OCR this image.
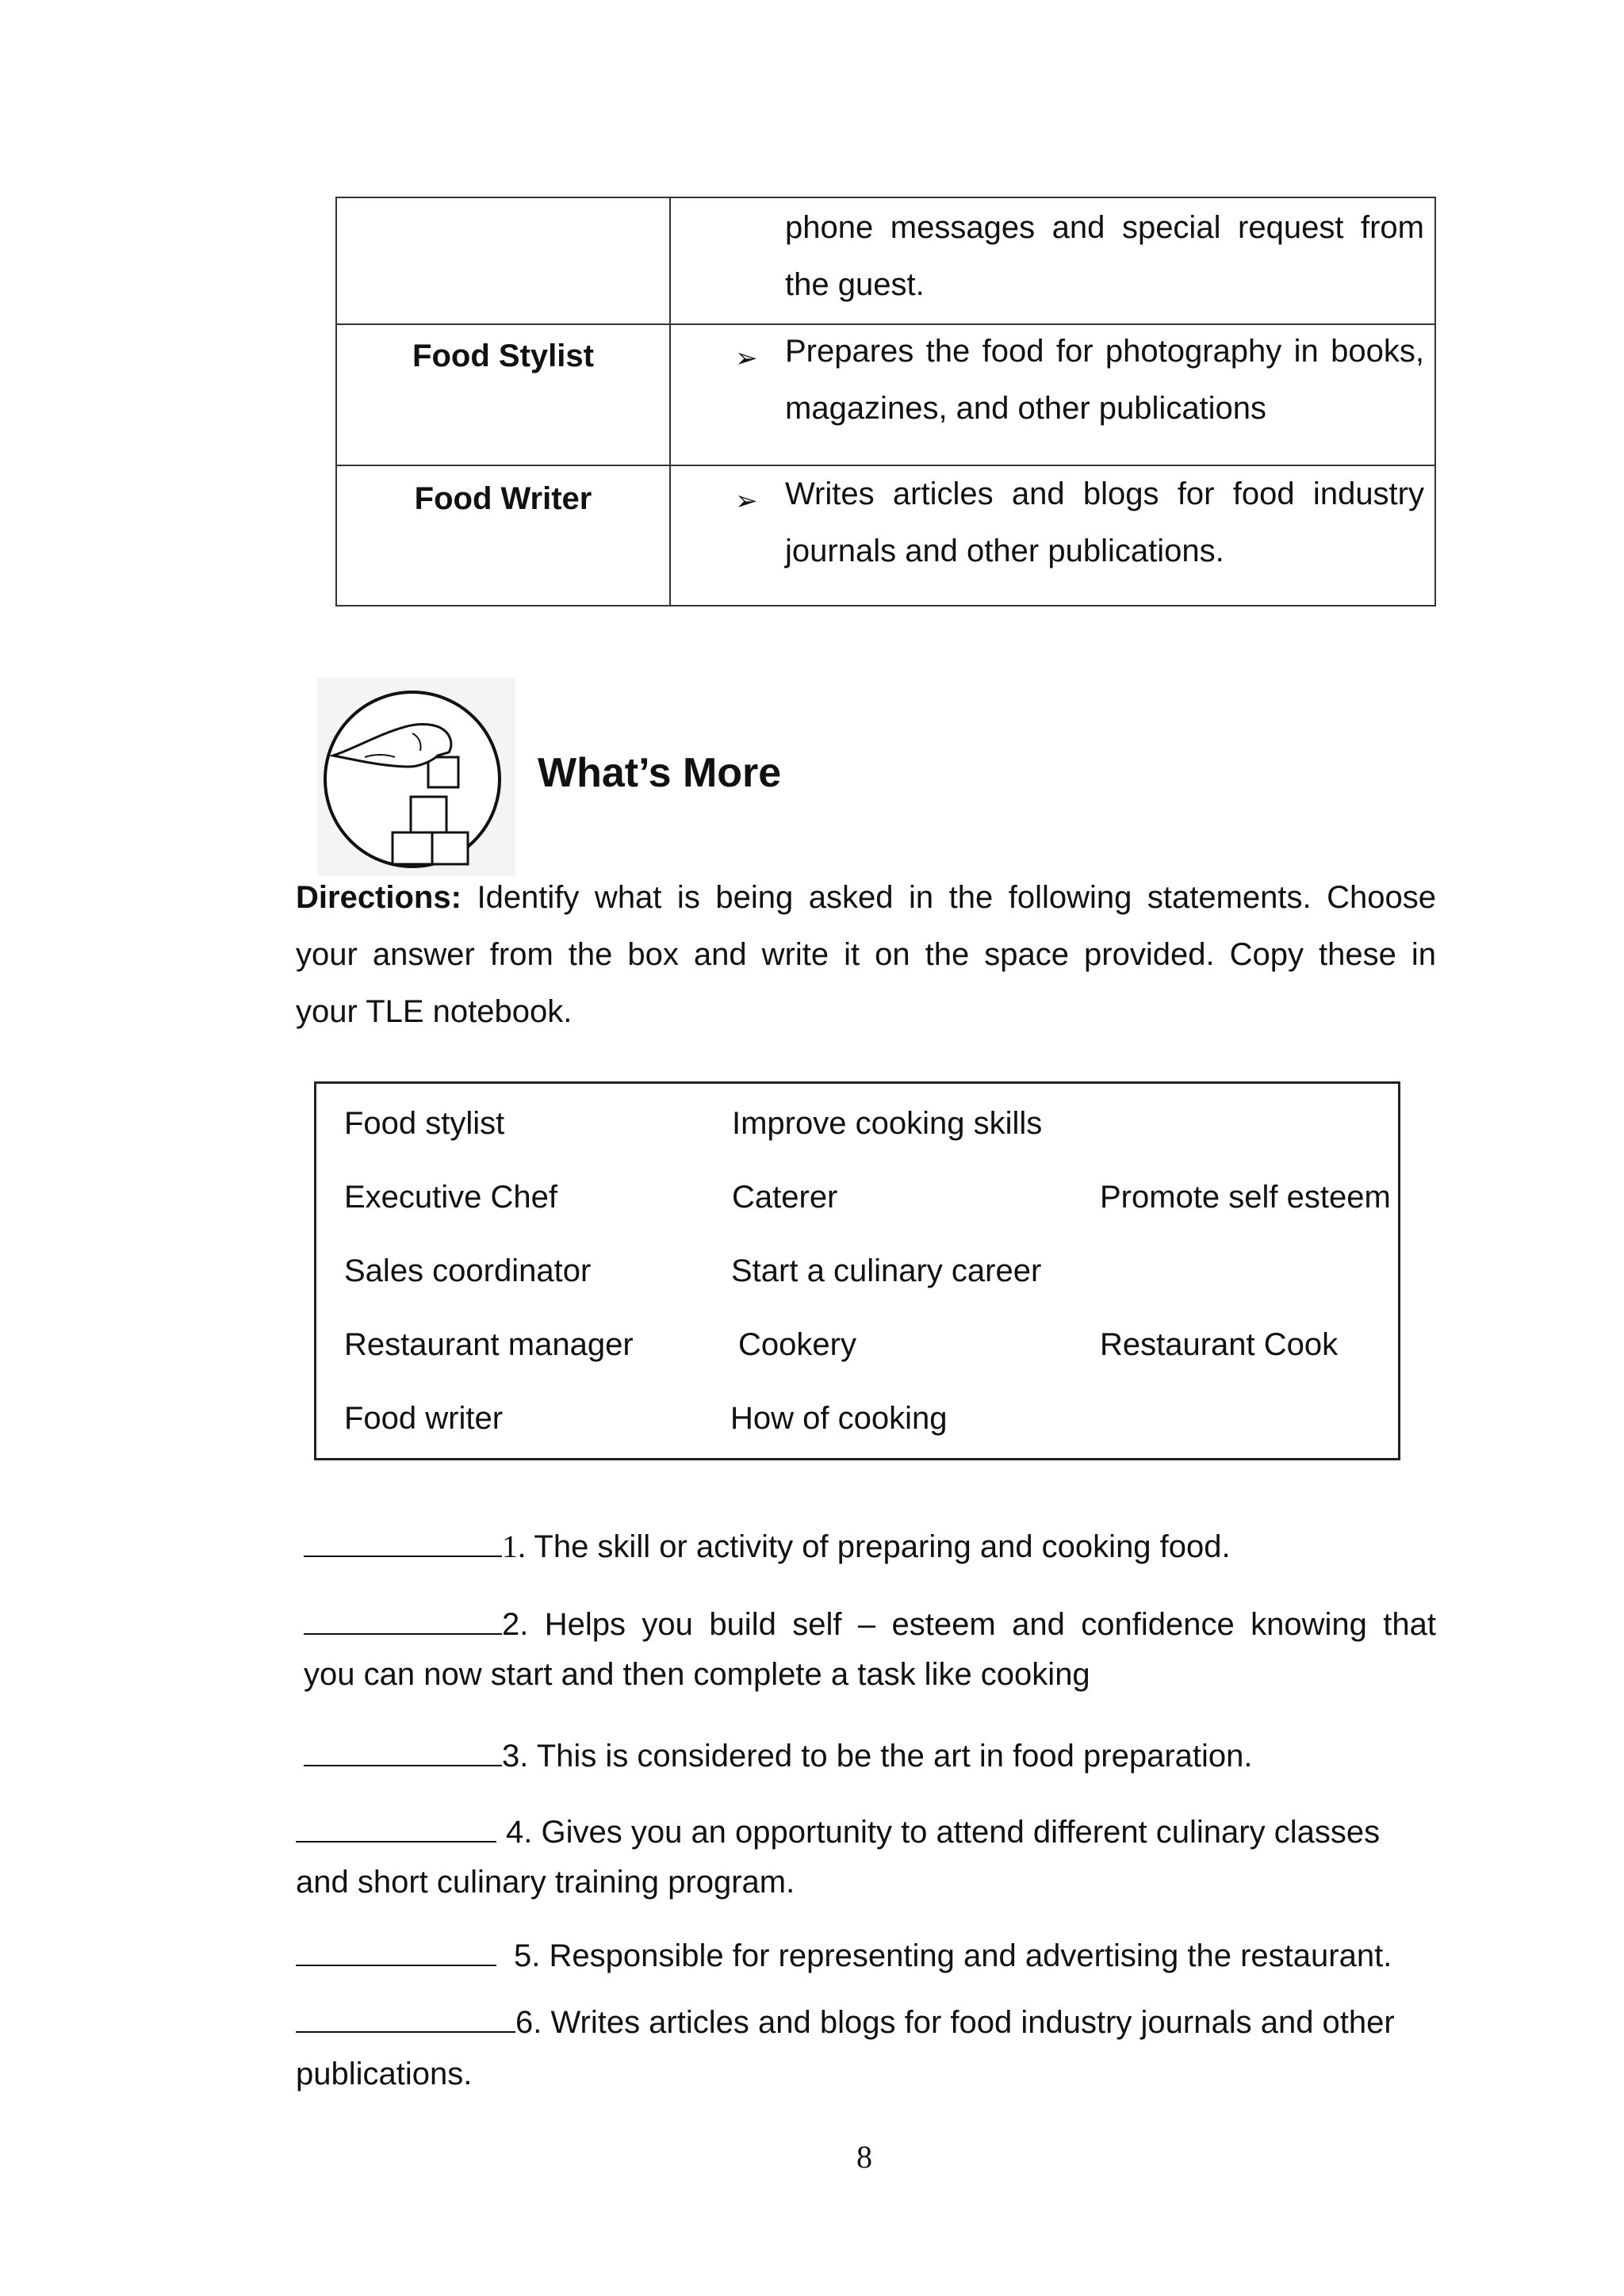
phone messages and special request from
the guest.
Food Stylist	➢ Prepares the food for photography in books,
magazines, and other publications
Food Writer	➢ Writes articles and blogs for food industry
journals and other publications.
What’s More
Directions: Identify what is being asked in the following statements. Choose
your answer from the box and write it on the space provided. Copy these in
your TLE notebook.
Food stylist
Executive Chef
Sales coordinator
Restaurant manager
Food writer
Improve cooking skills
Caterer
Start a culinary career
Cookery
How of cooking
Promote self esteem
Restaurant Cook
1. The skill or activity of preparing and cooking food.
2. Helps you build self – esteem and confidence knowing that
you can now start and then complete a task like cooking
3. This is considered to be the art in food preparation.
4. Gives you an opportunity to attend different culinary classes
and short culinary training program.
5. Responsible for representing and advertising the restaurant.
6. Writes articles and blogs for food industry journals and other
publications.
8
